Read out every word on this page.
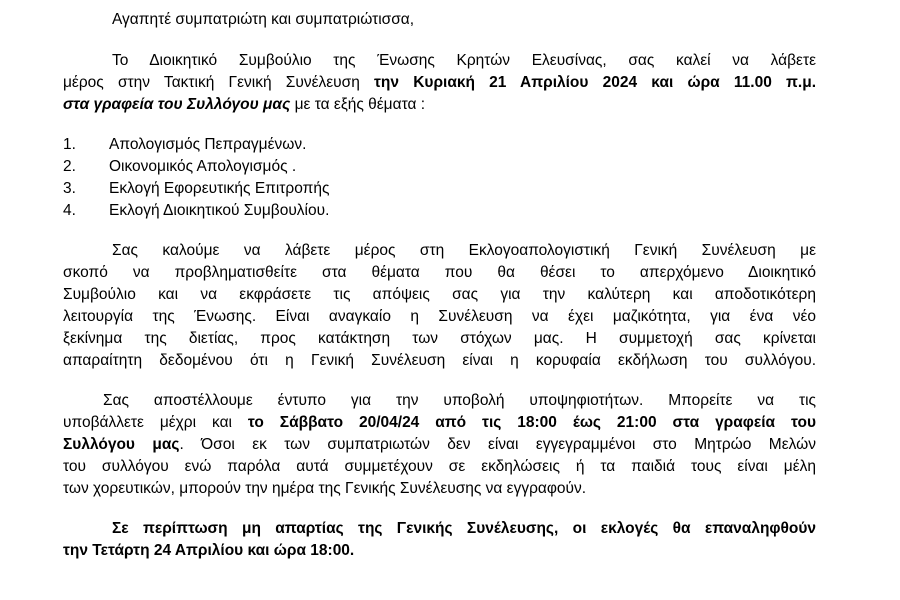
Αγαπητέ συμπατριώτη και συμπατριώτισσα,
Το Διοικητικό Συμβούλιο της Ένωσης Κρητών Ελευσίνας, σας καλεί να λάβετε
μέρος στην Τακτική Γενική Συνέλευση την Κυριακή 21 Απριλίου 2024 και ώρα 11.00 π.μ.
στα γραφεία του Συλλόγου μας με τα εξής θέματα :
1. Απολογισμός Πεπραγμένων.
2. Οικονομικός Απολογισμός .
3. Εκλογή Εφορευτικής Επιτροπής
4. Εκλογή Διοικητικού Συμβουλίου.
Σας καλούμε να λάβετε μέρος στη Εκλογοαπολογιστική Γενική Συνέλευση με
σκοπό να προβληματισθείτε στα θέματα που θα θέσει το απερχόμενο Διοικητικό
Συμβούλιο και να εκφράσετε τις απόψεις σας για την καλύτερη και αποδοτικότερη
λειτουργία της Ένωσης. Είναι αναγκαίο η Συνέλευση να έχει μαζικότητα, για ένα νέο
ξεκίνημα της διετίας, προς κατάκτηση των στόχων μας. Η συμμετοχή σας κρίνεται
απαραίτητη δεδομένου ότι η Γενική Συνέλευση είναι η κορυφαία εκδήλωση του συλλόγου.
Σας αποστέλλουμε έντυπο για την υποβολή υποψηφιοτήτων. Μπορείτε να τις
υποβάλλετε μέχρι και το Σάββατο 20/04/24 από τις 18:00 έως 21:00 στα γραφεία του
Συλλόγου μας. Όσοι εκ των συμπατριωτών δεν είναι εγγεγραμμένοι στο Μητρώο Μελών
του συλλόγου ενώ παρόλα αυτά συμμετέχουν σε εκδηλώσεις ή τα παιδιά τους είναι μέλη
των χορευτικών, μπορούν την ημέρα της Γενικής Συνέλευσης να εγγραφούν.
Σε περίπτωση μη απαρτίας της Γενικής Συνέλευσης, οι εκλογές θα επαναληφθούν
την Τετάρτη 24 Απριλίου και ώρα 18:00.
